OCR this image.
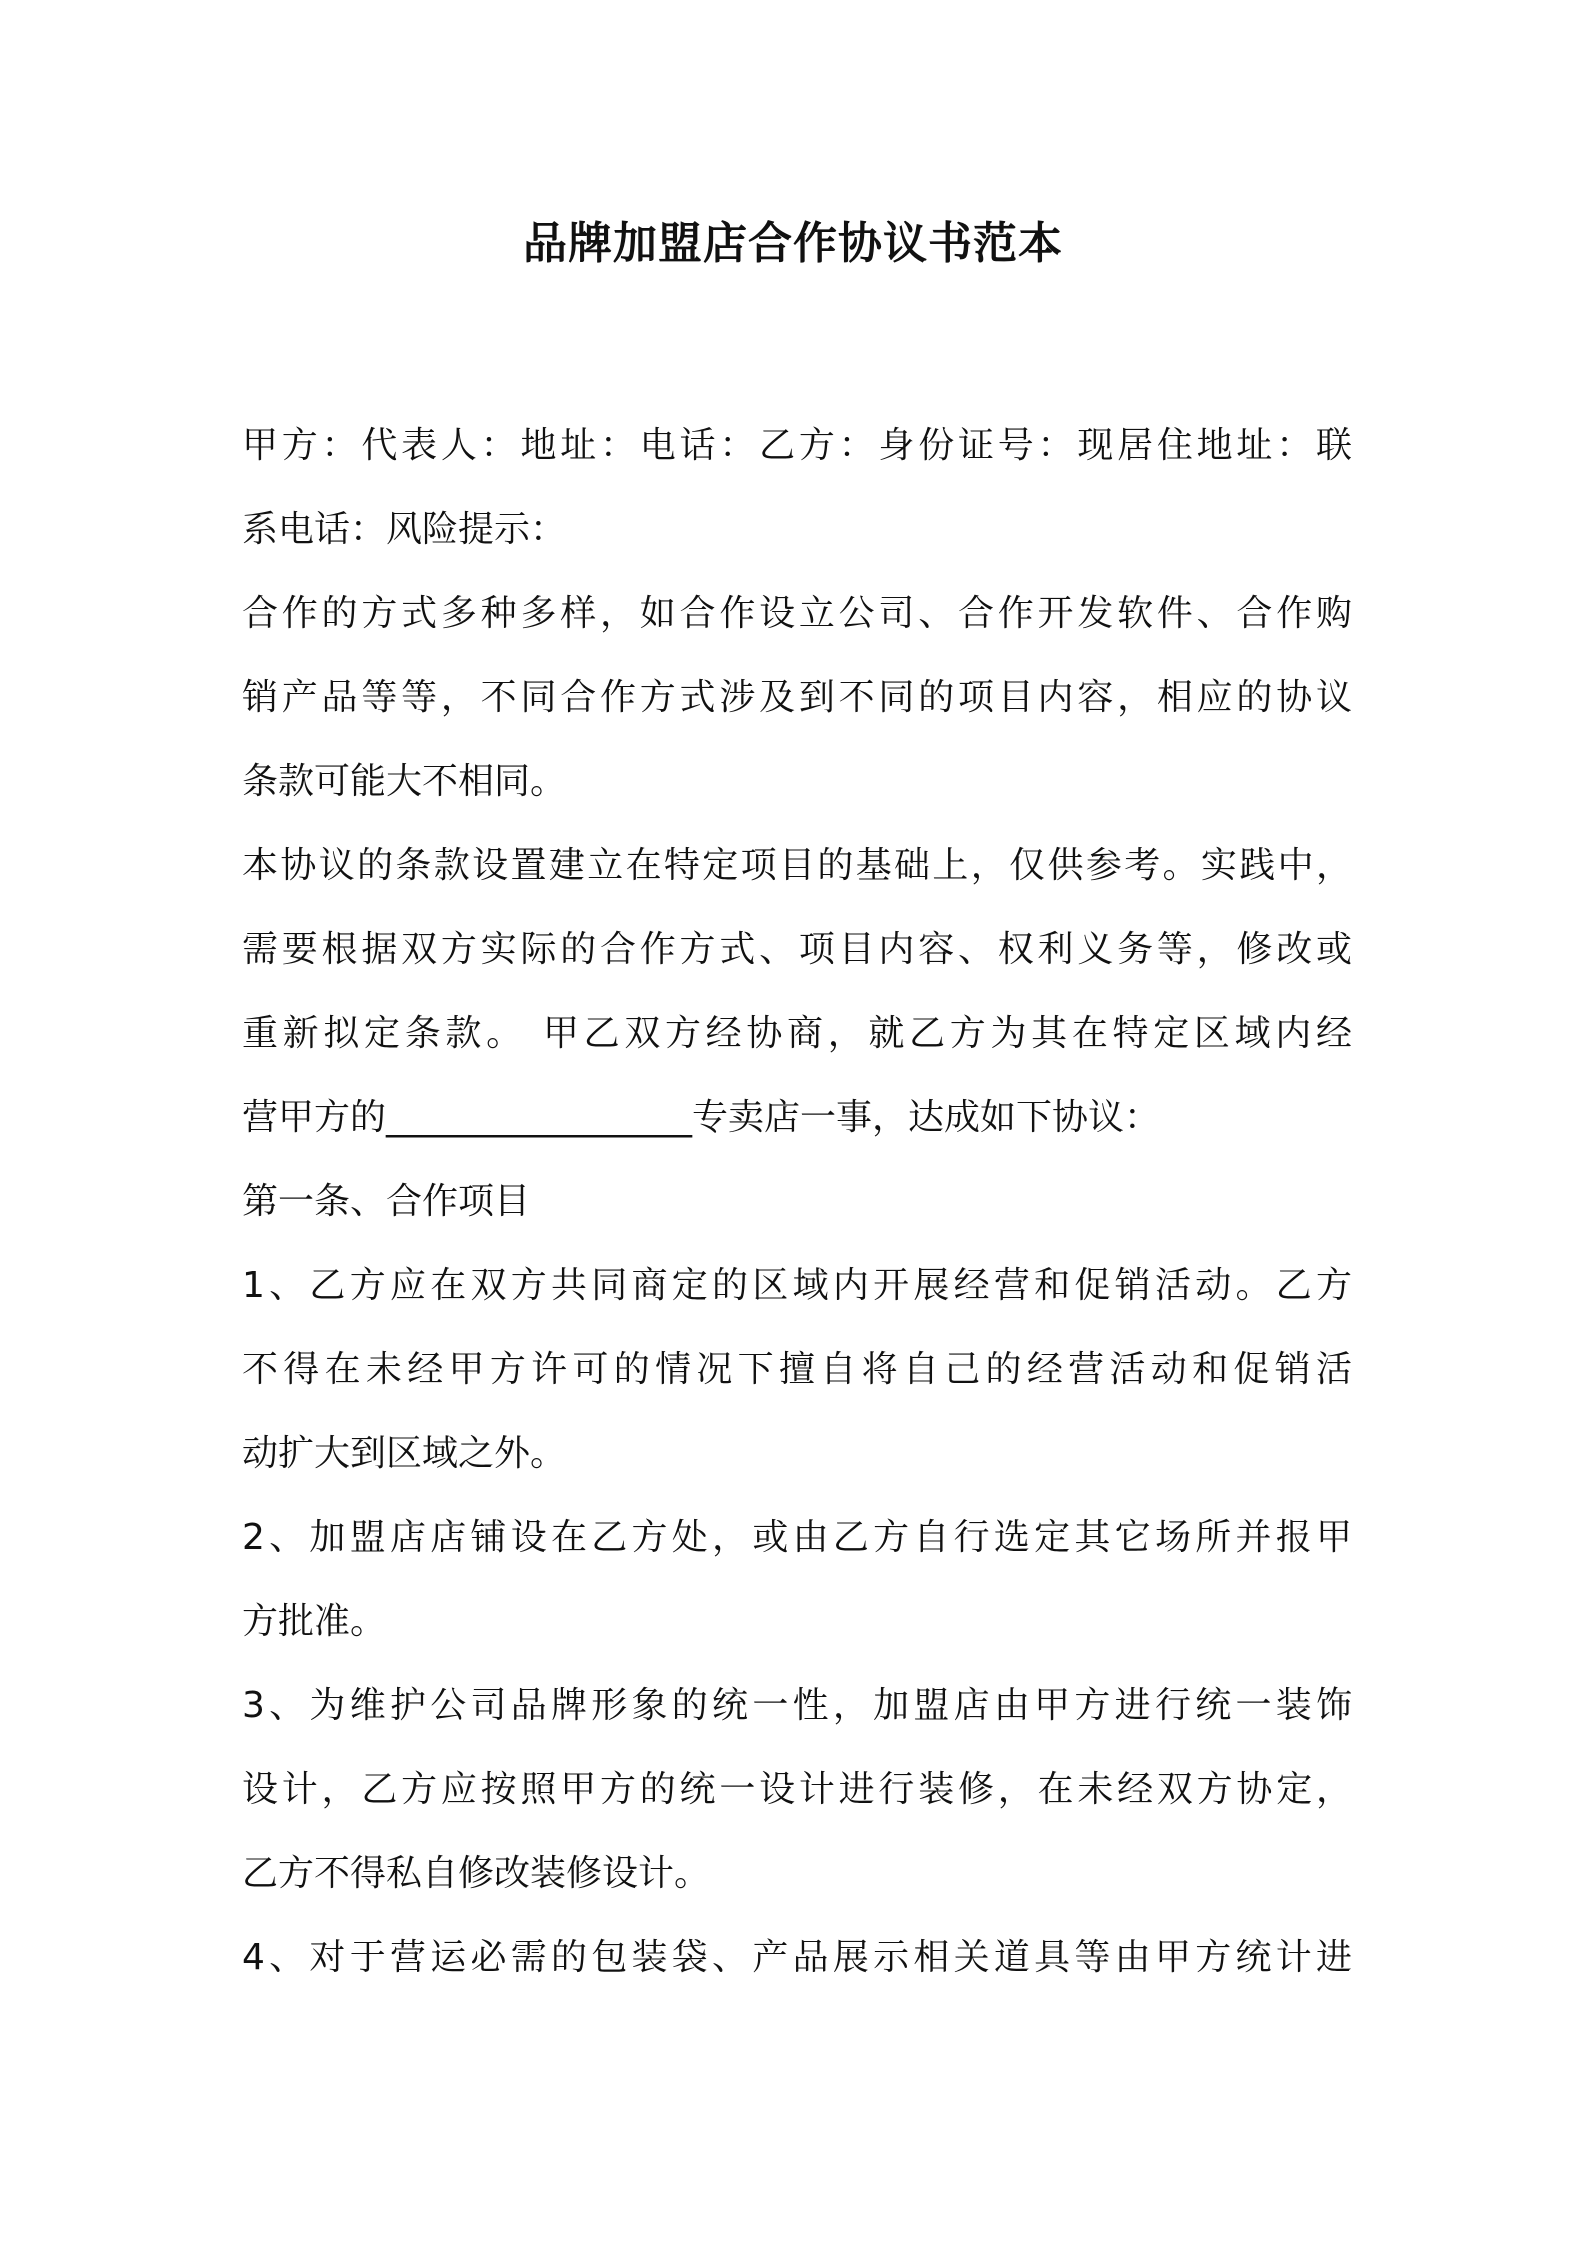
品牌加盟店合作协议书范本
甲方：代表人：地址：电话：乙方：身份证号：现居住地址：联
系电话：风险提示：
合作的方式多种多样，如合作设立公司、合作开发软件、合作购
销产品等等，不同合作方式涉及到不同的项目内容，相应的协议
条款可能大不相同。
本协议的条款设置建立在特定项目的基础上，仅供参考。实践中，
需要根据双方实际的合作方式、项目内容、权利义务等，修改或
重新拟定条款。 甲乙双方经协商，就乙方为其在特定区域内经
营甲方的_________________专卖店一事，达成如下协议：
第一条、合作项目
1、乙方应在双方共同商定的区域内开展经营和促销活动。乙方
不得在未经甲方许可的情况下擅自将自己的经营活动和促销活
动扩大到区域之外。
2、加盟店店铺设在乙方处，或由乙方自行选定其它场所并报甲
方批准。
3、为维护公司品牌形象的统一性，加盟店由甲方进行统一装饰
设计，乙方应按照甲方的统一设计进行装修，在未经双方协定，
乙方不得私自修改装修设计。
4、对于营运必需的包装袋、产品展示相关道具等由甲方统计进
